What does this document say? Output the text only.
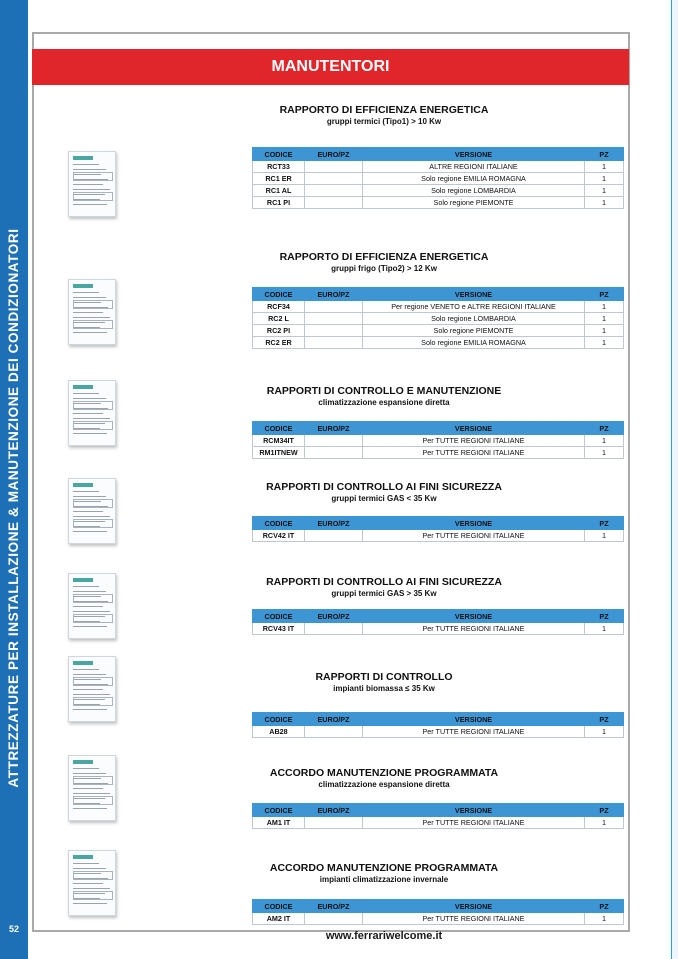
ATTREZZATURE PER INSTALLAZIONE & MANUTENZIONE DEI CONDIZIONATORI
52
MANUTENTORI
RAPPORTO DI EFFICIENZA ENERGETICA
gruppi termici (Tipo1) > 10 Kw
CODICE	EURO/PZ	VERSIONE	PZ
RCT33		ALTRE REGIONI ITALIANE	1
RC1 ER		Solo regione EMILIA ROMAGNA	1
RC1 AL		Solo regione LOMBARDIA	1
RC1 PI		Solo regione PIEMONTE	1
RAPPORTO DI EFFICIENZA ENERGETICA
gruppi frigo (Tipo2) > 12 Kw
CODICE	EURO/PZ	VERSIONE	PZ
RCF34		Per regione VENETO e ALTRE REGIONI ITALIANE	1
RC2 L		Solo regione LOMBARDIA	1
RC2 PI		Solo regione PIEMONTE	1
RC2 ER		Solo regione EMILIA ROMAGNA	1
RAPPORTI DI CONTROLLO E MANUTENZIONE
climatizzazione espansione diretta
CODICE	EURO/PZ	VERSIONE	PZ
RCM34IT		Per TUTTE REGIONI ITALIANE	1
RM1ITNEW		Per TUTTE REGIONI ITALIANE	1
RAPPORTI DI CONTROLLO AI FINI SICUREZZA
gruppi termici GAS < 35 Kw
CODICE	EURO/PZ	VERSIONE	PZ
RCV42 IT		Per TUTTE REGIONI ITALIANE	1
RAPPORTI DI CONTROLLO AI FINI SICUREZZA
gruppi termici GAS > 35 Kw
CODICE	EURO/PZ	VERSIONE	PZ
RCV43 IT		Per TUTTE REGIONI ITALIANE	1
RAPPORTI DI CONTROLLO
impianti biomassa ≤ 35 Kw
CODICE	EURO/PZ	VERSIONE	PZ
AB28		Per TUTTE REGIONI ITALIANE	1
ACCORDO MANUTENZIONE PROGRAMMATA
climatizzazione espansione diretta
CODICE	EURO/PZ	VERSIONE	PZ
AM1 IT		Per TUTTE REGIONI ITALIANE	1
ACCORDO MANUTENZIONE PROGRAMMATA
impianti climatizzazione invernale
CODICE	EURO/PZ	VERSIONE	PZ
AM2 IT		Per TUTTE REGIONI ITALIANE	1
www.ferrariwelcome.it
